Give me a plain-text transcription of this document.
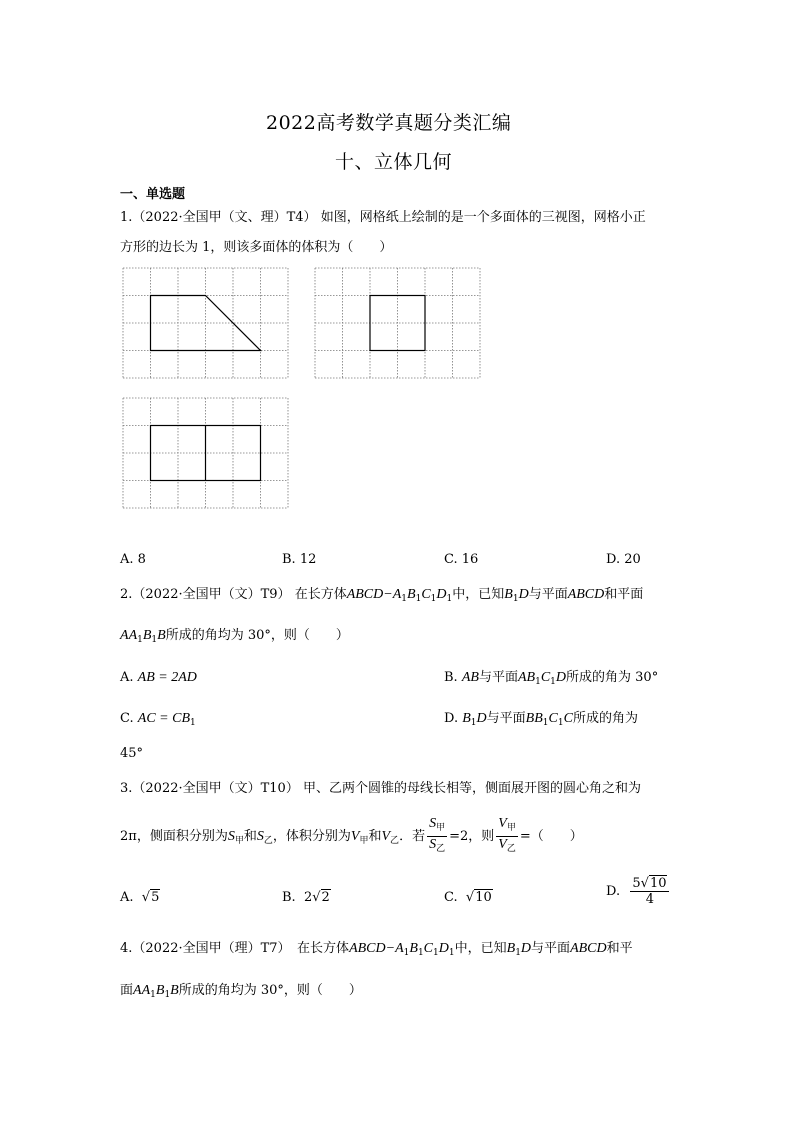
2022高考数学真题分类汇编
十、立体几何
一、单选题
1.（2022·全国甲（文、理）T4） 如图，网格纸上绘制的是一个多面体的三视图，网格小正
方形的边长为 1，则该多面体的体积为（　　）
A. 8	B. 12	C. 16	D. 20
2.（2022·全国甲（文）T9） 在长方体$ABCD-A_1B_1C_1D_1$中，已知$B_1D$与平面ABCD和平面
$AA_1B_1B$所成的角均为 30°，则（　　）
A. AB = 2AD	B. AB与平面$AB_1C_1D$所成的角为 30°
C. AC = $CB_1$	D. $B_1D$与平面$BB_1C_1C$所成的角为
45°
3.（2022·全国甲（文）T10） 甲、乙两个圆锥的母线长相等，侧面展开图的圆心角之和为
2π，侧面积分别为$S_甲$和$S_乙$，体积分别为$V_甲$和$V_乙$．若 $\frac{S_甲}{S_乙} =2$，则 $\frac{V_甲}{V_乙}$ =（　　）
A.  √5	B. 2√2	C.  √10	D. $\frac{5√10}{4}$
4.（2022·全国甲（理）T7）　在长方体$ABCD-A_1B_1C_1D_1$中，已知$B_1D$与平面ABCD和平
面$AA_1B_1B$所成的角均为 30°，则（　　）
